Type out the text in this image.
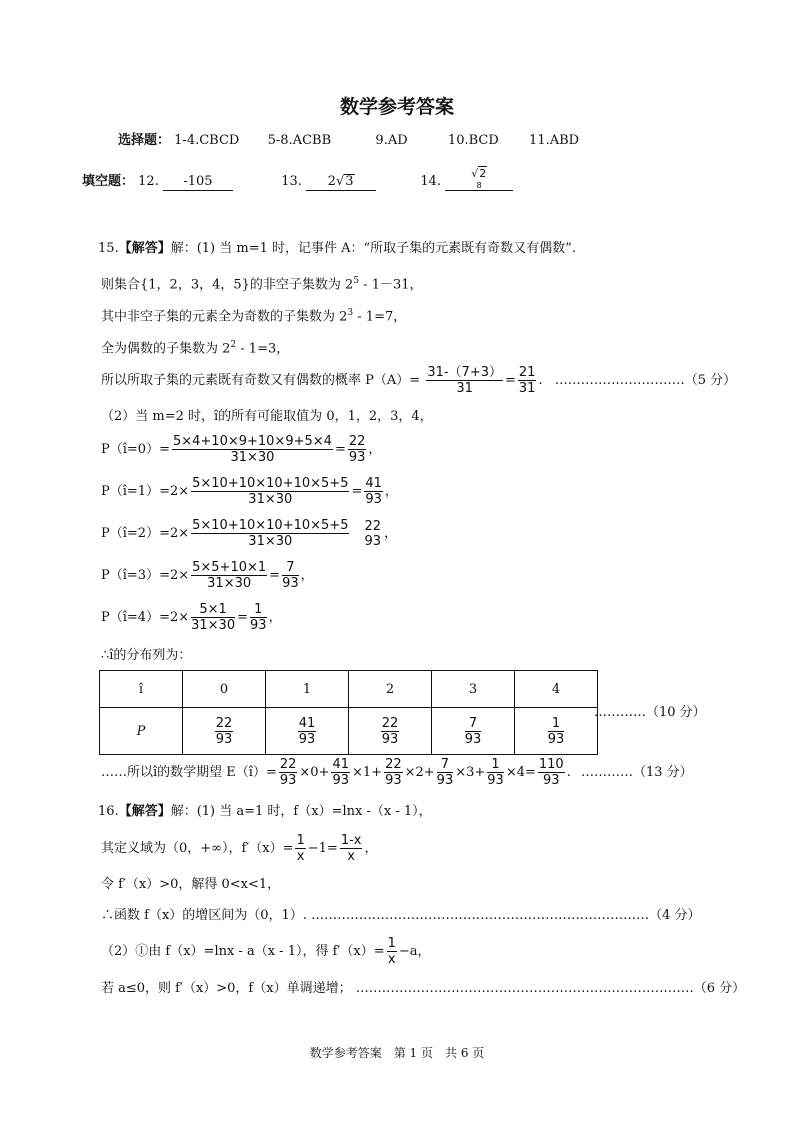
数学参考答案
选择题： 1-4.CBCD 5-8.ACBB	9.AD	10.BCD 11.ABD
填空题： 12. -105	13. 2√3	14.
√2
8
15.【解答】解：(1) 当 m=1 时，记事件 A：“所取子集的元素既有奇数又有偶数”.
则集合{1，2，3，4，5}的非空子集数为 $2^5 - 1-31$，
其中非空子集的元素全为奇数的子集数为 $2^3 - 1=7$，
全为偶数的子集数为 $2^2 - 1=3$，
所以所取子集的元素既有奇数又有偶数的概率 $P(A)= \frac{31-(7+3)}{31} = \frac{21}{31}$ . …………………………（5 分）
（2）当 m=2 时，î的所有可能取值为 0，1，2，3，4，
P（î=0）= $\frac{5\times 4+10\times 9+10\times 9+5\times 4}{31\times 30} = \frac{22}{93}$ ，
P（î=1）=2× $\frac{5\times 10+10\times 10+10\times 5+5}{31\times 30} = \frac{41}{93}$ ，
P（î=2）=2× $\frac{5\times 10+10\times 10+10\times 5+5}{31\times 30} 22$
93
，
P（î=3）=2× $\frac{5\times 5+10\times 1}{31\times 30} = \frac{7}{93}$ ，
P（î=4）=2× $\frac{5\times 1}{31\times 30} = \frac{1}{93}$ ，
∴î的分布列为：
î	0	1	2	3	4
P	$\frac{22}{93}$	$\frac{41}{93}$	$\frac{22}{93}$	$\frac{7}{93}$	$\frac{1}{93}$
…………（10 分）
……所以î的数学期望 E（î）= $\frac{22}{93} \times 0+ \frac{41}{93} \times 1+ \frac{22}{93} \times 2+ \frac{7}{93} \times 3+ \frac{1}{93} \times 4= \frac{110}{93}$ . …………（13 分）
16.【解答】解：(1) 当 a=1 时，f（x）=lnx -（x - 1），
其定义域为（0，+∞），$f'(x)= \frac{1}{x} -1= \frac{1-x}{x}$ ，
令 f′（x）>0，解得 0<x<1，
∴函数 f（x）的增区间为（0，1）. ……………………………………………………………………（4 分）
（2）①由 f（x）=lnx - a（x - 1），得 $f'(x)= \frac{1}{x} -a$，
若 a≤0，则 f′（x）>0，f（x）单调递增； ……………………………………………………………………（6 分）
数学参考答案　第 1 页　共 6 页
